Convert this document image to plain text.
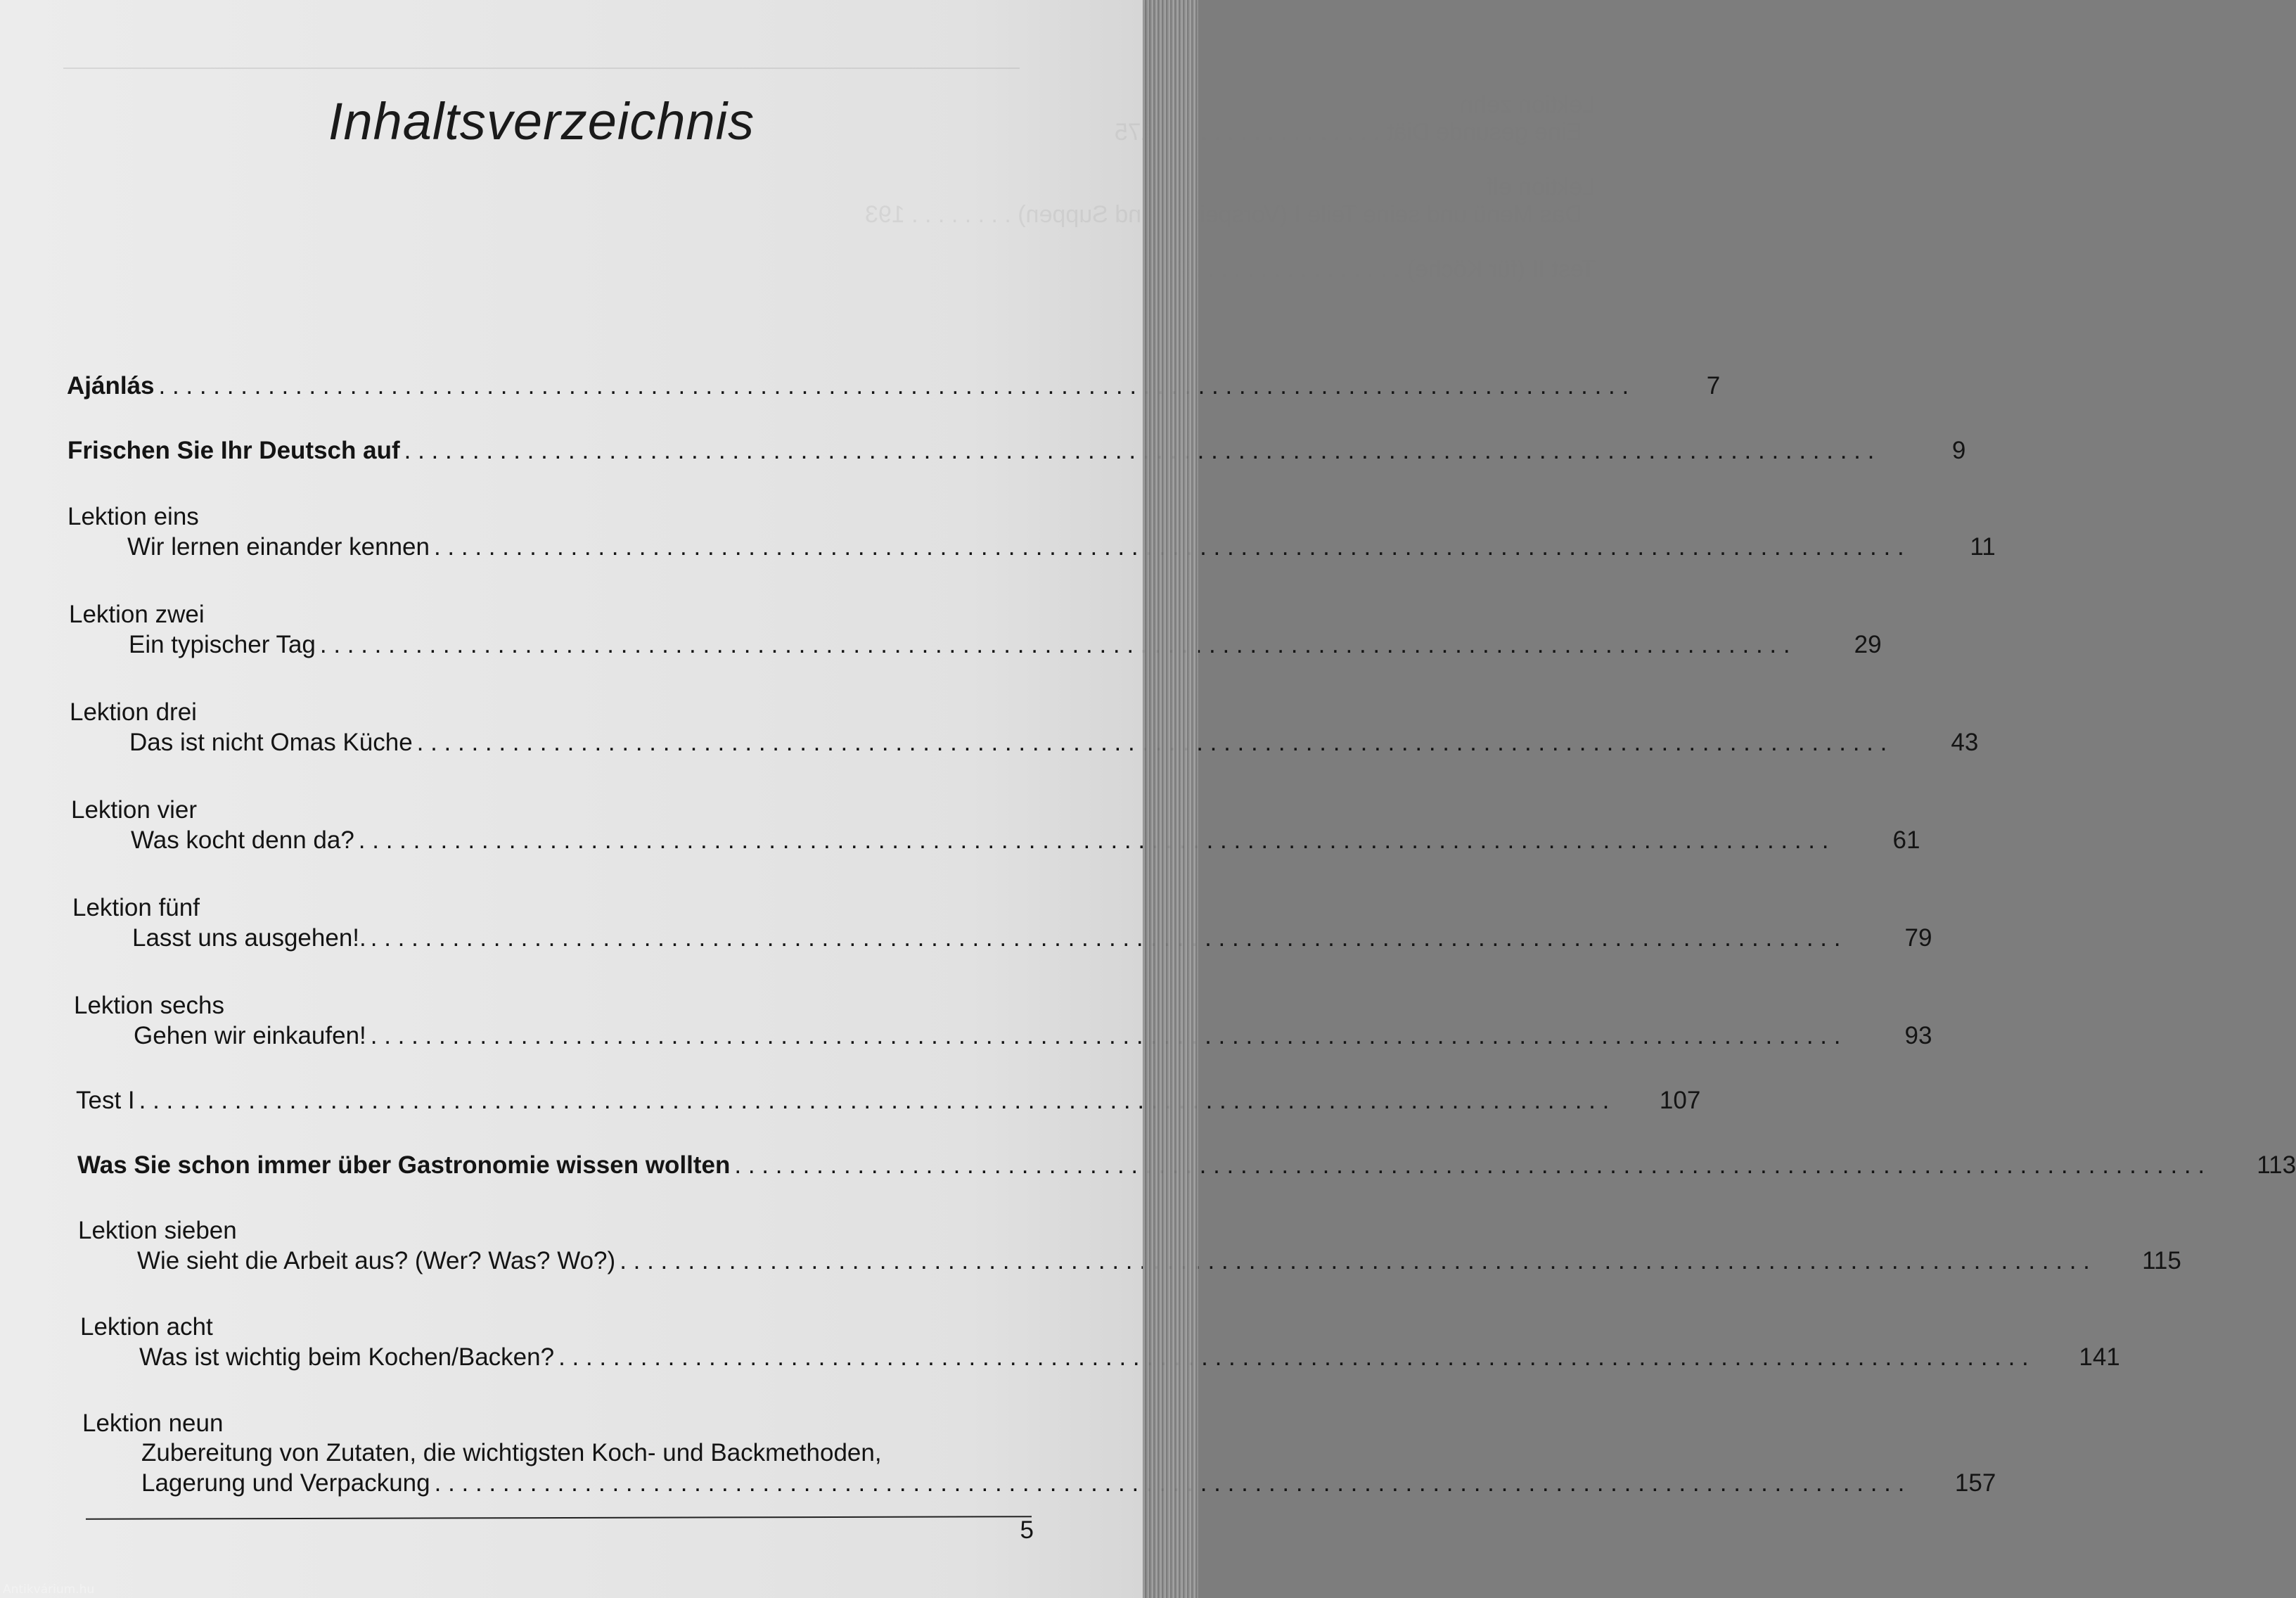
Lektion zehn
Eine gesunde Diät . . . . . . . . . . . . . .    175

Lektion elf
Das Menü und seine Teile I (Vorspeisen und Suppen) . . . . . . . . 193

Test II (für Köche) . . . . . . . . . . . . . . .
Inhaltsverzeichnis
Ajánlás . . .	7
Frischen Sie Ihr Deutsch auf . . .	9
Lektion eins
Wir lernen einander kennen . . .	11
Lektion zwei
Ein typischer Tag . . .	29
Lektion drei
Das ist nicht Omas Küche . . .	43
Lektion vier
Was kocht denn da? . . .	61
Lektion fünf
Lasst uns ausgehen!. . . .	79
Lektion sechs
Gehen wir einkaufen! . . .	93
Test I . . .	107
Was Sie schon immer über Gastronomie wissen wollten . . .	113
Lektion sieben
Wie sieht die Arbeit aus? (Wer? Was? Wo?) . . .	115
Lektion acht
Was ist wichtig beim Kochen/Backen? . . .	141
Lektion neun
Zubereitung von Zutaten, die wichtigsten Koch- und Backmethoden,
Lagerung und Verpackung . . .	157
5
Antikvárium.hu
